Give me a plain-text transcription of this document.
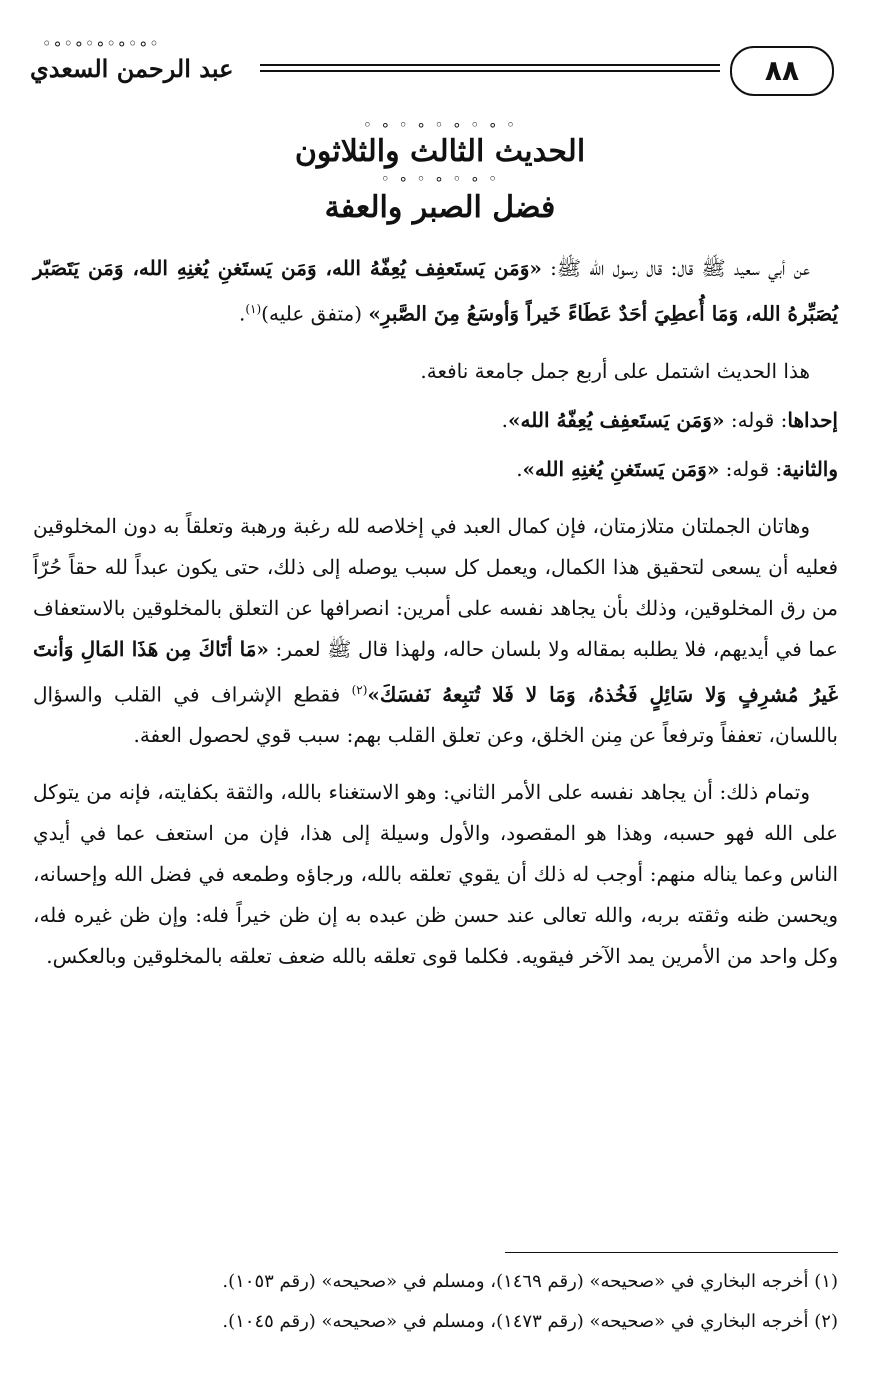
◦∘◦∘◦∘◦∘◦∘◦
عبد الرحمن السعدي	٨٨
◦ ∘ ◦ ∘ ◦ ∘ ◦ ∘ ◦
الحديث الثالث والثلاثون
◦ ∘ ◦ ∘ ◦ ∘ ◦
فضل الصبر والعفة

عن أبي سعيد ﷺ قال: قال رسول الله ﷺ: «وَمَن يَستَعفِف يُعِفّهُ الله، وَمَن يَستَغنِ يُغنِهِ الله، وَمَن يَتَصَبّر يُصَبِّرهُ الله، وَمَا أُعطِيَ أحَدٌ عَطَاءً خَيراً وَأوسَعُ مِنَ الصَّبرِ» (متفق عليه)$^{(١)}$.

هذا الحديث اشتمل على أربع جمل جامعة نافعة.

إحداها: قوله: «وَمَن يَستَعفِف يُعِفّهُ الله».

والثانية: قوله: «وَمَن يَستَغنِ يُغنِهِ الله».

وهاتان الجملتان متلازمتان، فإن كمال العبد في إخلاصه لله رغبة ورهبة وتعلقاً به دون المخلوقين فعليه أن يسعى لتحقيق هذا الكمال، ويعمل كل سبب يوصله إلى ذلك، حتى يكون عبداً لله حقاً حُرّاً من رق المخلوقين، وذلك بأن يجاهد نفسه على أمرين: انصرافها عن التعلق بالمخلوقين بالاستعفاف عما في أيديهم، فلا يطلبه بمقاله ولا بلسان حاله، ولهذا قال ﷺ لعمر: «مَا أتَاكَ مِن هَذَا المَالِ وَأنتَ غَيرُ مُشرِفٍ وَلا سَائِلٍ فَخُذهُ، وَمَا لا فَلا تُتبِعهُ نَفسَكَ»$^{(٢)}$ فقطع الإشراف في القلب والسؤال باللسان، تعففاً وترفعاً عن مِنن الخلق، وعن تعلق القلب بهم: سبب قوي لحصول العفة.

وتمام ذلك: أن يجاهد نفسه على الأمر الثاني: وهو الاستغناء بالله، والثقة بكفايته، فإنه من يتوكل على الله فهو حسبه، وهذا هو المقصود، والأول وسيلة إلى هذا، فإن من استعف عما في أيدي الناس وعما يناله منهم: أوجب له ذلك أن يقوي تعلقه بالله، ورجاؤه وطمعه في فضل الله وإحسانه، ويحسن ظنه وثقته بربه، والله تعالى عند حسن ظن عبده به إن ظن خيراً فله: وإن ظن غيره فله، وكل واحد من الأمرين يمد الآخر فيقويه. فكلما قوى تعلقه بالله ضعف تعلقه بالمخلوقين وبالعكس.

(١) أخرجه البخاري في «صحيحه» (رقم ١٤٦٩)، ومسلم في «صحيحه» (رقم ١٠٥٣).
(٢) أخرجه البخاري في «صحيحه» (رقم ١٤٧٣)، ومسلم في «صحيحه» (رقم ١٠٤٥).
